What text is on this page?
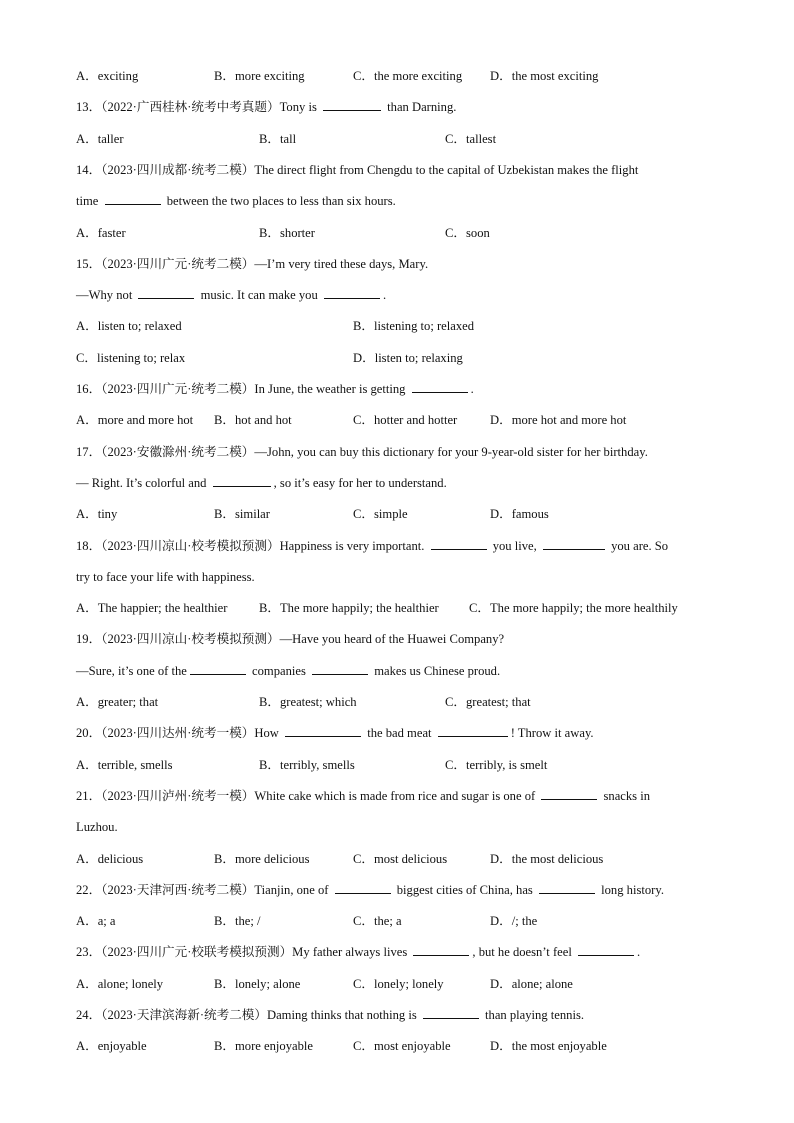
A．exciting	B．more exciting	C．the more exciting D．the most exciting
13．（2022·广西桂林·统考中考真题）Tony is	than Darning.
A．taller	B．tall	C．tallest
14．（2023·四川成都·统考二模）The direct flight from Chengdu to the capital of Uzbekistan makes the flight
time	between the two places to less than six hours.
A．faster	B．shorter	C．soon
15．（2023·四川广元·统考二模）—I’m very tired these days, Mary.
—Why not	music. It can make you	.
A．listen to; relaxed	B．listening to; relaxed
C．listening to; relax	D．listen to; relaxing
16．（2023·四川广元·统考二模）In June, the weather is getting	.
A．more and more hot B．hot and hot	C．hotter and hotter	D．more hot and more hot
17．（2023·安徽滁州·统考二模）—John, you can buy this dictionary for your 9-year-old sister for her birthday.
— Right. It’s colorful and	, so it’s easy for her to understand.
A．tiny	B．similar	C．simple	D．famous
18．（2023·四川凉山·校考模拟预测）Happiness is very important.	you live,	you are. So
try to face your life with happiness.
A．The happier; the healthier	B．The more happily; the healthier C．The more happily; the more healthily
19．（2023·四川凉山·校考模拟预测）—Have you heard of the Huawei Company?
—Sure, it’s one of the	companies	makes us Chinese proud.
A．greater; that	B．greatest; which	C．greatest; that
20．（2023·四川达州·统考一模）How	the bad meat	! Throw it away.
A．terrible, smells	B．terribly, smells	C．terribly, is smelt
21．（2023·四川泸州·统考一模）White cake which is made from rice and sugar is one of	snacks in
Luzhou.
A．delicious	B．more delicious	C．most delicious	D．the most delicious
22．（2023·天津河西·统考二模）Tianjin, one of	biggest cities of China, has	long history.
A．a; a	B．the; /	C．the; a	D．/; the
23．（2023·四川广元·校联考模拟预测）My father always lives	, but he doesn’t feel	.
A．alone; lonely	B．lonely; alone	C．lonely; lonely	D．alone; alone
24．（2023·天津滨海新·统考二模）Daming thinks that nothing is	than playing tennis.
A．enjoyable	B．more enjoyable	C．most enjoyable	D．the most enjoyable
